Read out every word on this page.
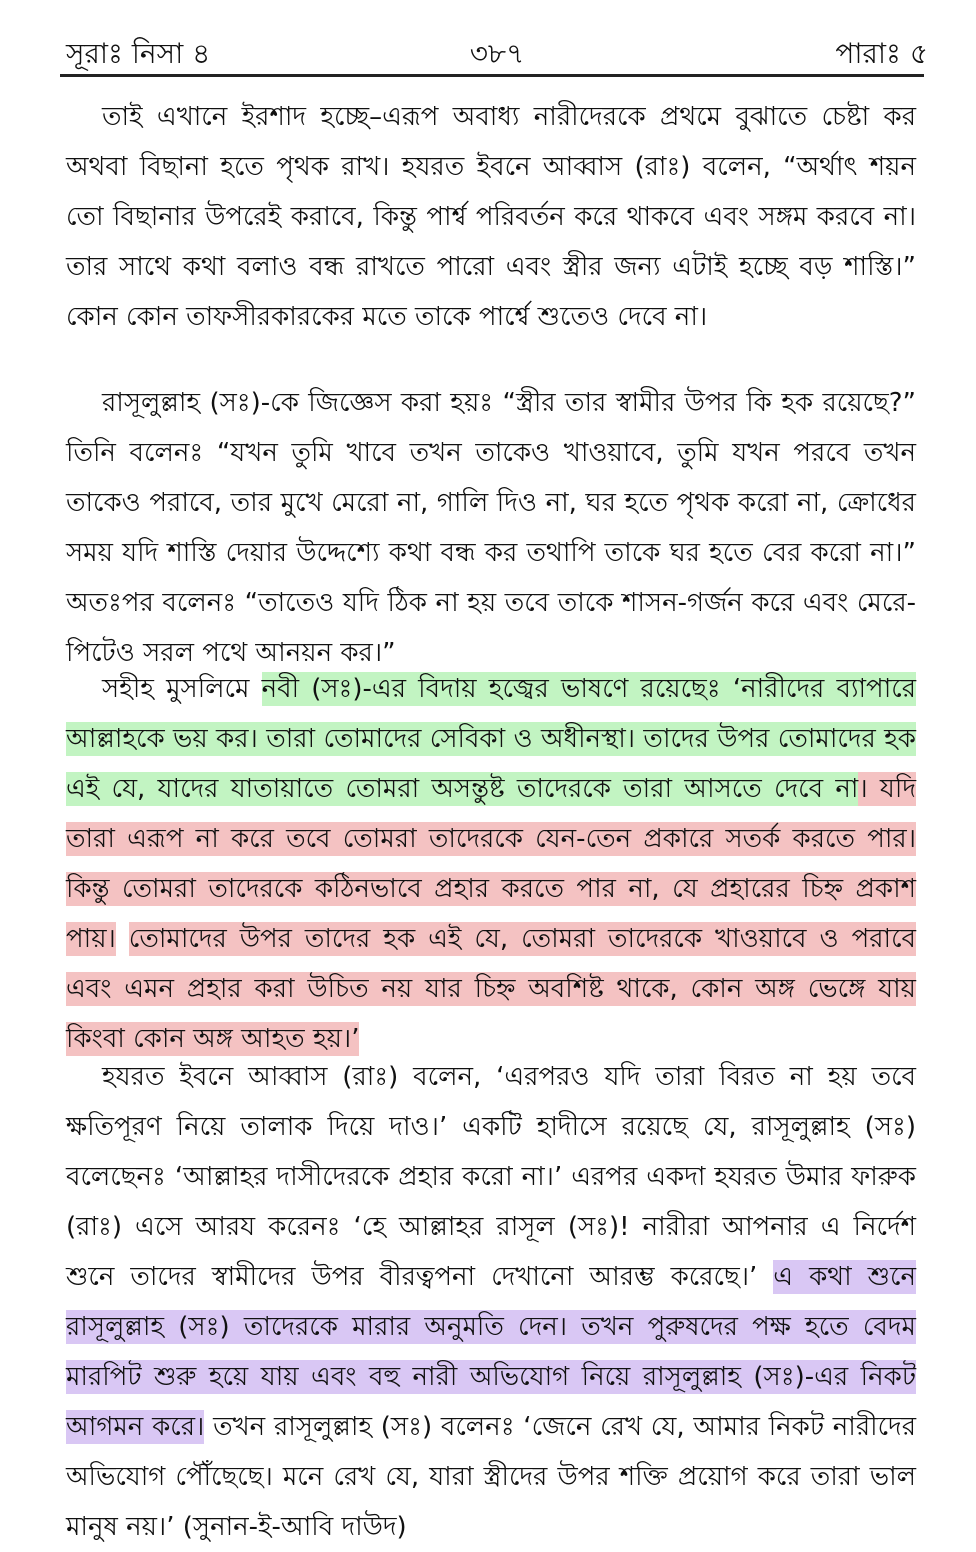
সূরাঃ নিসা ৪	৩৮৭	পারাঃ ৫

তাই এখানে ইরশাদ হচ্ছে–এরূপ অবাধ্য নারীদেরকে প্রথমে বুঝাতে চেষ্টা কর অথবা বিছানা হতে পৃথক রাখ। হযরত ইবনে আব্বাস (রাঃ) বলেন, “অর্থাৎ শয়ন তো বিছানার উপরেই করাবে, কিন্তু পার্শ্ব পরিবর্তন করে থাকবে এবং সঙ্গম করবে না। তার সাথে কথা বলাও বন্ধ রাখতে পারো এবং স্ত্রীর জন্য এটাই হচ্ছে বড় শাস্তি।” কোন কোন তাফসীরকারকের মতে তাকে পার্শ্বে শুতেও দেবে না।

রাসূলুল্লাহ (সঃ)-কে জিজ্ঞেস করা হয়ঃ “স্ত্রীর তার স্বামীর উপর কি হক রয়েছে?” তিনি বলেনঃ “যখন তুমি খাবে তখন তাকেও খাওয়াবে, তুমি যখন পরবে তখন তাকেও পরাবে, তার মুখে মেরো না, গালি দিও না, ঘর হতে পৃথক করো না, ক্রোধের সময় যদি শাস্তি দেয়ার উদ্দেশ্যে কথা বন্ধ কর তথাপি তাকে ঘর হতে বের করো না।” অতঃপর বলেনঃ “তাতেও যদি ঠিক না হয় তবে তাকে শাসন-গর্জন করে এবং মেরে-পিটেও সরল পথে আনয়ন কর।”

সহীহ মুসলিমে নবী (সঃ)-এর বিদায় হজ্বের ভাষণে রয়েছেঃ ‘নারীদের ব্যাপারে আল্লাহকে ভয় কর। তারা তোমাদের সেবিকা ও অধীনস্থা। তাদের উপর তোমাদের হক এই যে, যাদের যাতায়াতে তোমরা অসন্তুষ্ট তাদেরকে তারা আসতে দেবে না। যদি তারা এরূপ না করে তবে তোমরা তাদেরকে যেন-তেন প্রকারে সতর্ক করতে পার। কিন্তু তোমরা তাদেরকে কঠিনভাবে প্রহার করতে পার না, যে প্রহারের চিহ্ন প্রকাশ পায়। তোমাদের উপর তাদের হক এই যে, তোমরা তাদেরকে খাওয়াবে ও পরাবে এবং এমন প্রহার করা উচিত নয় যার চিহ্ন অবশিষ্ট থাকে, কোন অঙ্গ ভেঙ্গে যায় কিংবা কোন অঙ্গ আহত হয়।’

হযরত ইবনে আব্বাস (রাঃ) বলেন, ‘এরপরও যদি তারা বিরত না হয় তবে ক্ষতিপূরণ নিয়ে তালাক দিয়ে দাও।’ একটি হাদীসে রয়েছে যে, রাসূলুল্লাহ (সঃ) বলেছেনঃ ‘আল্লাহর দাসীদেরকে প্রহার করো না।’ এরপর একদা হযরত উমার ফারুক (রাঃ) এসে আরয করেনঃ ‘হে আল্লাহর রাসূল (সঃ)! নারীরা আপনার এ নির্দেশ শুনে তাদের স্বামীদের উপর বীরত্বপনা দেখানো আরম্ভ করেছে।’ এ কথা শুনে রাসূলুল্লাহ (সঃ) তাদেরকে মারার অনুমতি দেন। তখন পুরুষদের পক্ষ হতে বেদম মারপিট শুরু হয়ে যায় এবং বহু নারী অভিযোগ নিয়ে রাসূলুল্লাহ (সঃ)-এর নিকট আগমন করে। তখন রাসূলুল্লাহ (সঃ) বলেনঃ ‘জেনে রেখ যে, আমার নিকট নারীদের অভিযোগ পৌঁছেছে। মনে রেখ যে, যারা স্ত্রীদের উপর শক্তি প্রয়োগ করে তারা ভাল মানুষ নয়।’ (সুনান-ই-আবি দাউদ)
